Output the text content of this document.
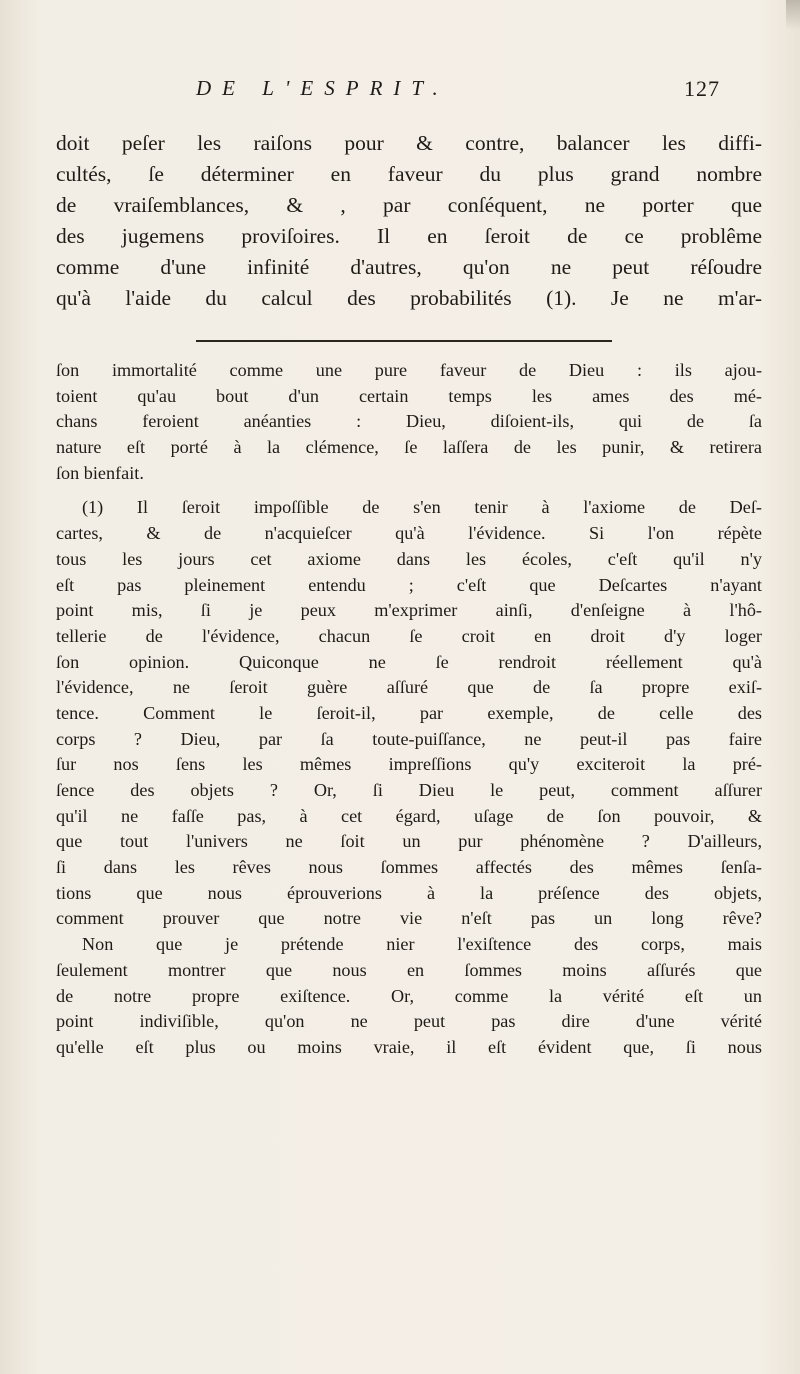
DE L'ESPRIT.	127
doit peſer les raiſons pour & contre, balancer les diffi-
cultés, ſe déterminer en faveur du plus grand nombre
de vraiſemblances, & , par conſéquent, ne porter que
des jugemens proviſoires. Il en ſeroit de ce problême
comme d'une infinité d'autres, qu'on ne peut réſoudre
qu'à l'aide du calcul des probabilités (1). Je ne m'ar-
ſon immortalité comme une pure faveur de Dieu : ils ajou-
toient qu'au bout d'un certain temps les ames des mé-
chans feroient anéanties : Dieu, diſoient-ils, qui de ſa
nature eſt porté à la clémence, ſe laſſera de les punir, & retirera
ſon bienfait.
(1) Il ſeroit impoſſible de s'en tenir à l'axiome de Deſ-
cartes, & de n'acquieſcer qu'à l'évidence. Si l'on répète
tous les jours cet axiome dans les écoles, c'eſt qu'il n'y
eſt pas pleinement entendu ; c'eſt que Deſcartes n'ayant
point mis, ſi je peux m'exprimer ainſi, d'enſeigne à l'hô-
tellerie de l'évidence, chacun ſe croit en droit d'y loger
ſon opinion. Quiconque ne ſe rendroit réellement qu'à
l'évidence, ne ſeroit guère aſſuré que de ſa propre exiſ-
tence. Comment le ſeroit-il, par exemple, de celle des
corps ? Dieu, par ſa toute-puiſſance, ne peut-il pas faire
ſur nos ſens les mêmes impreſſions qu'y exciteroit la pré-
ſence des objets ? Or, ſi Dieu le peut, comment aſſurer
qu'il ne faſſe pas, à cet égard, uſage de ſon pouvoir, &
que tout l'univers ne ſoit un pur phénomène ? D'ailleurs,
ſi dans les rêves nous ſommes affectés des mêmes ſenſa-
tions que nous éprouverions à la préſence des objets,
comment prouver que notre vie n'eſt pas un long rêve?
Non que je prétende nier l'exiſtence des corps, mais
ſeulement montrer que nous en ſommes moins aſſurés que
de notre propre exiſtence. Or, comme la vérité eſt un
point indiviſible, qu'on ne peut pas dire d'une vérité
qu'elle eſt plus ou moins vraie, il eſt évident que, ſi nous
